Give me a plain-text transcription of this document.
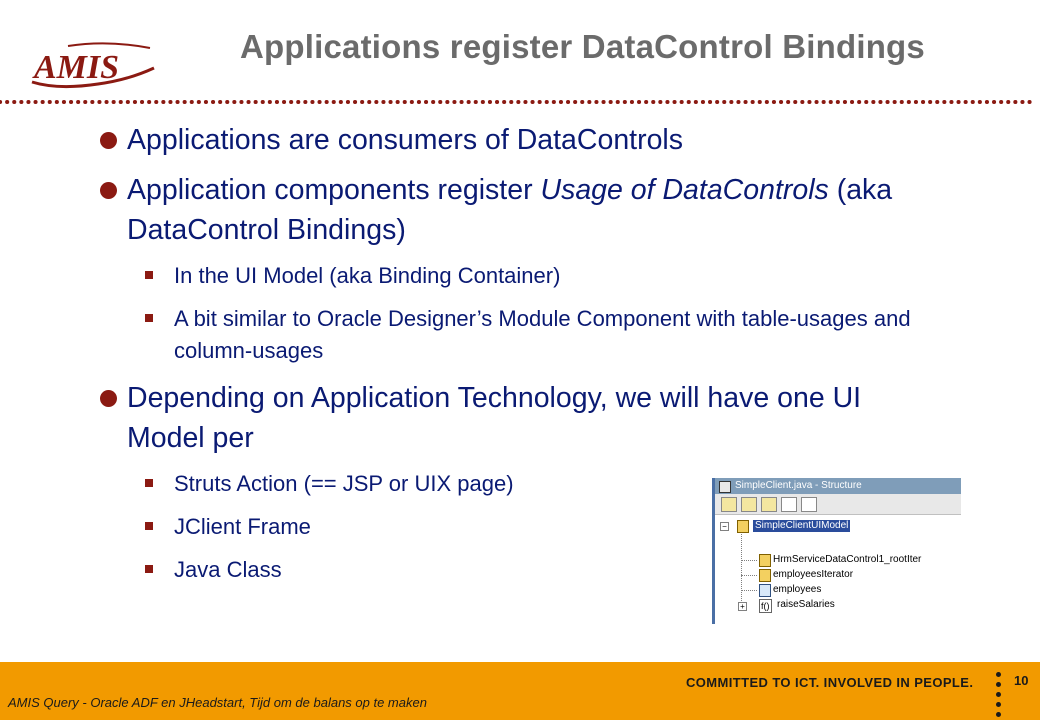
AMIS
Applications register DataControl Bindings
Applications are consumers of DataControls
Application components register Usage of DataControls (aka DataControl Bindings)
In the UI Model (aka Binding Container)
A bit similar to Oracle Designer’s Module Component with table-usages and column-usages
Depending on Application Technology, we will have one UI Model per
Struts Action (== JSP or UIX page)
JClient Frame
Java Class
SimpleClient.java - Structure
−	SimpleClientUIModel
HrmServiceDataControl1_rootIter
employeesIterator
employees
+ f() raiseSalaries
COMMITTED TO ICT. INVOLVED IN PEOPLE.	10
AMIS Query - Oracle ADF en JHeadstart, Tijd om de balans op te maken
